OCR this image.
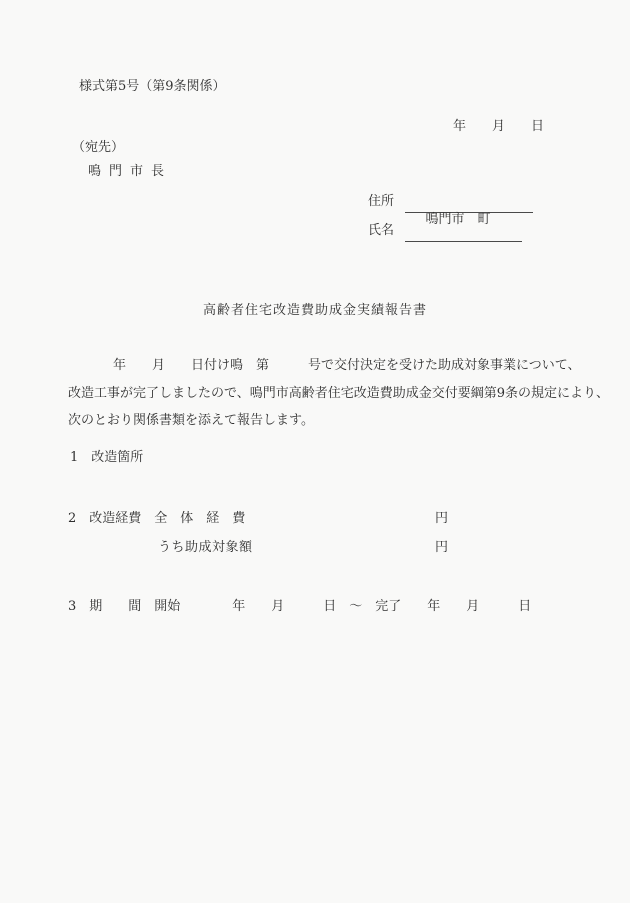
様式第5号（第9条関係）
年　　月　　日
（宛先）
鳴門市長
住所

鳴門市　町

氏名

高齢者住宅改造費助成金実績報告書
年　　月　　日付け鳴　第　　　号で交付決定を受けた助成対象事業について、
改造工事が完了しましたので、鳴門市高齢者住宅改造費助成金交付要綱第9条の規定により、
次のとおり関係書類を添えて報告します。
1　改造箇所
2　改造経費　全　体　経　費	円
うち助成対象額	円
3　期　　間　開始　　　　年　　月　　　日　～　完了　　年　　月　　　日
